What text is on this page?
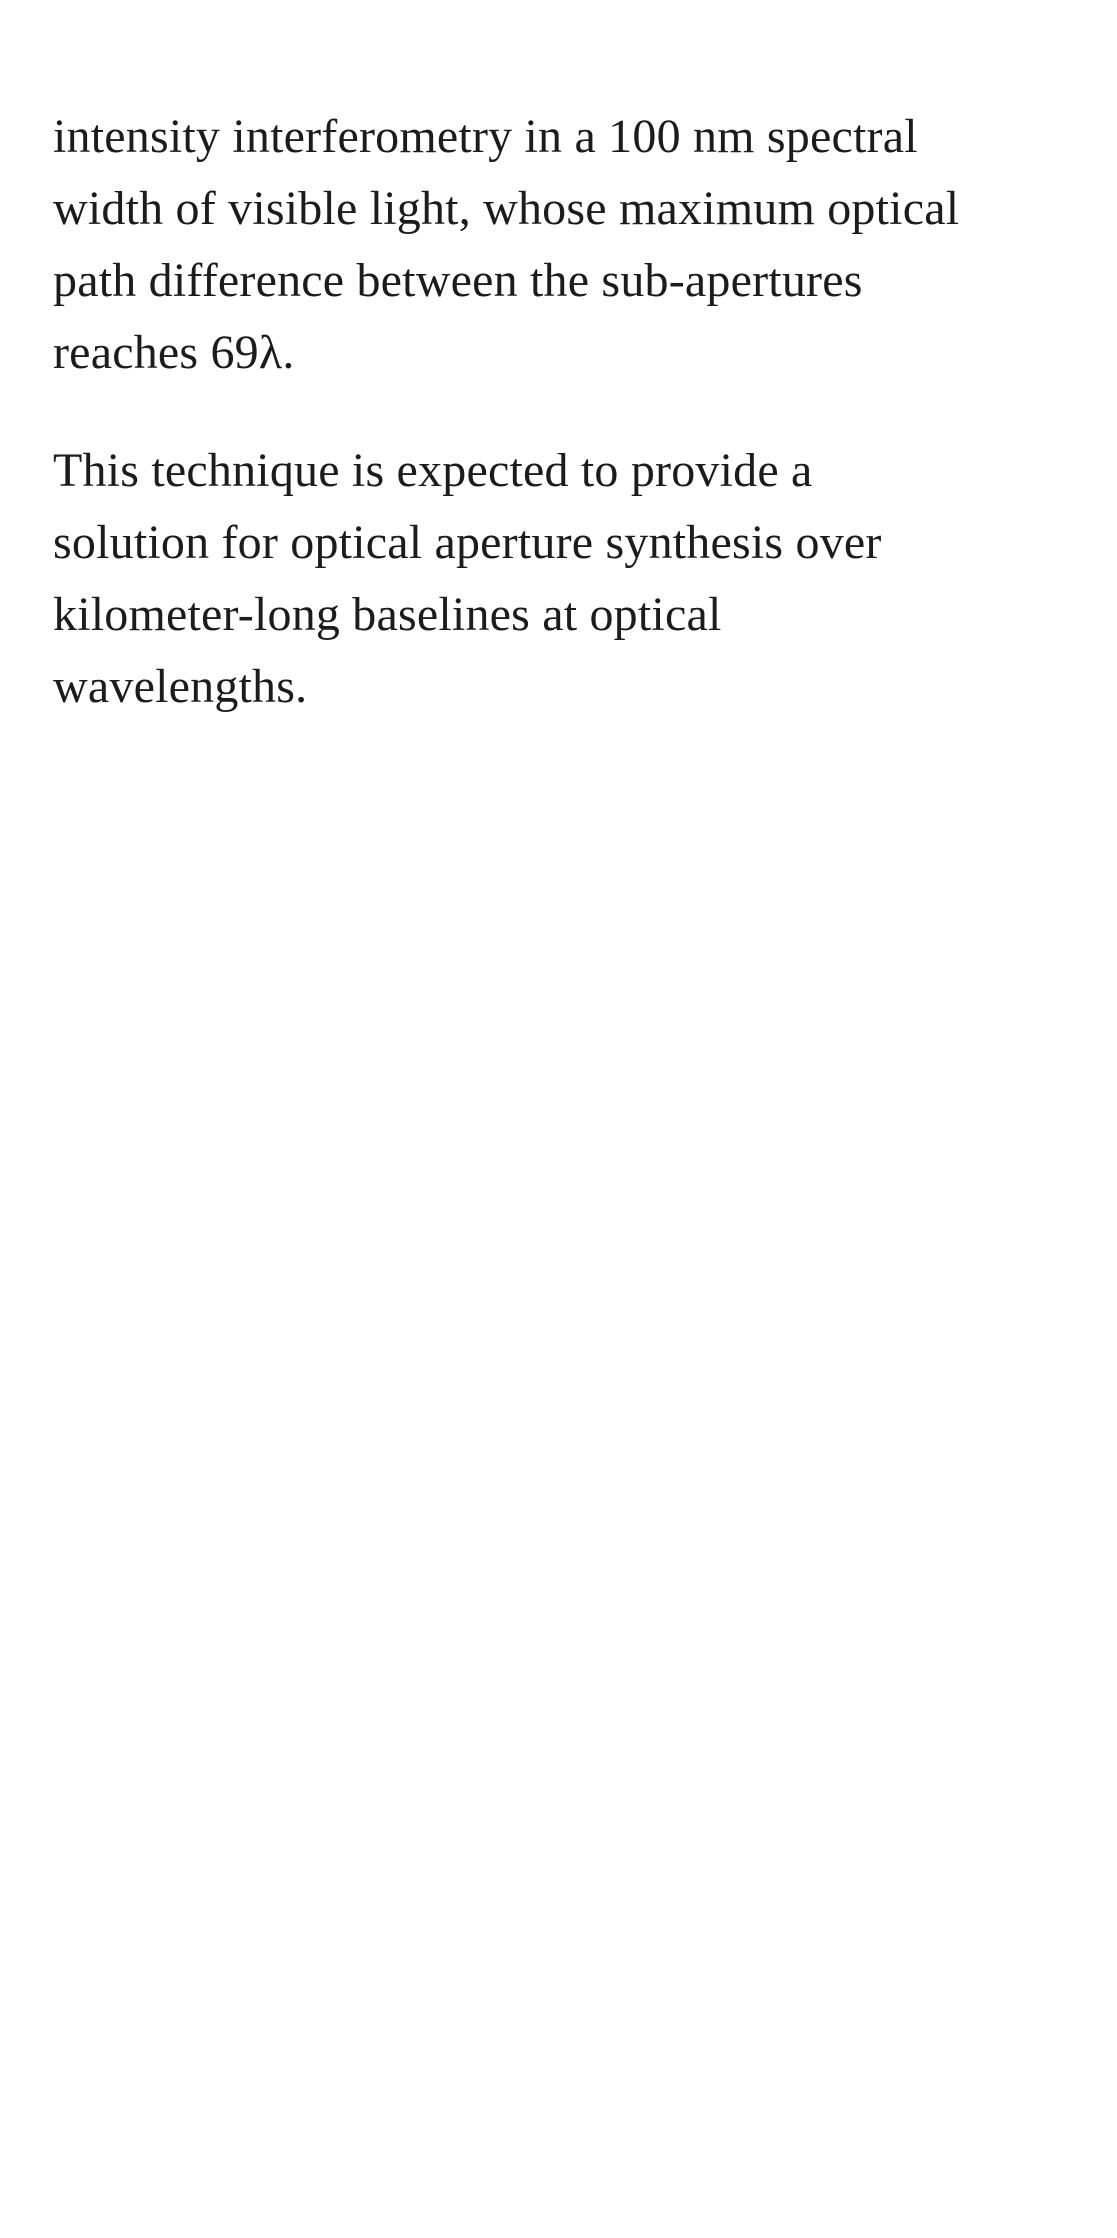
intensity interferometry in a 100 nm spectral
width of visible light, whose maximum optical
path difference between the sub-apertures
reaches 69λ.

This technique is expected to provide a
solution for optical aperture synthesis over
kilometer-long baselines at optical
wavelengths.
